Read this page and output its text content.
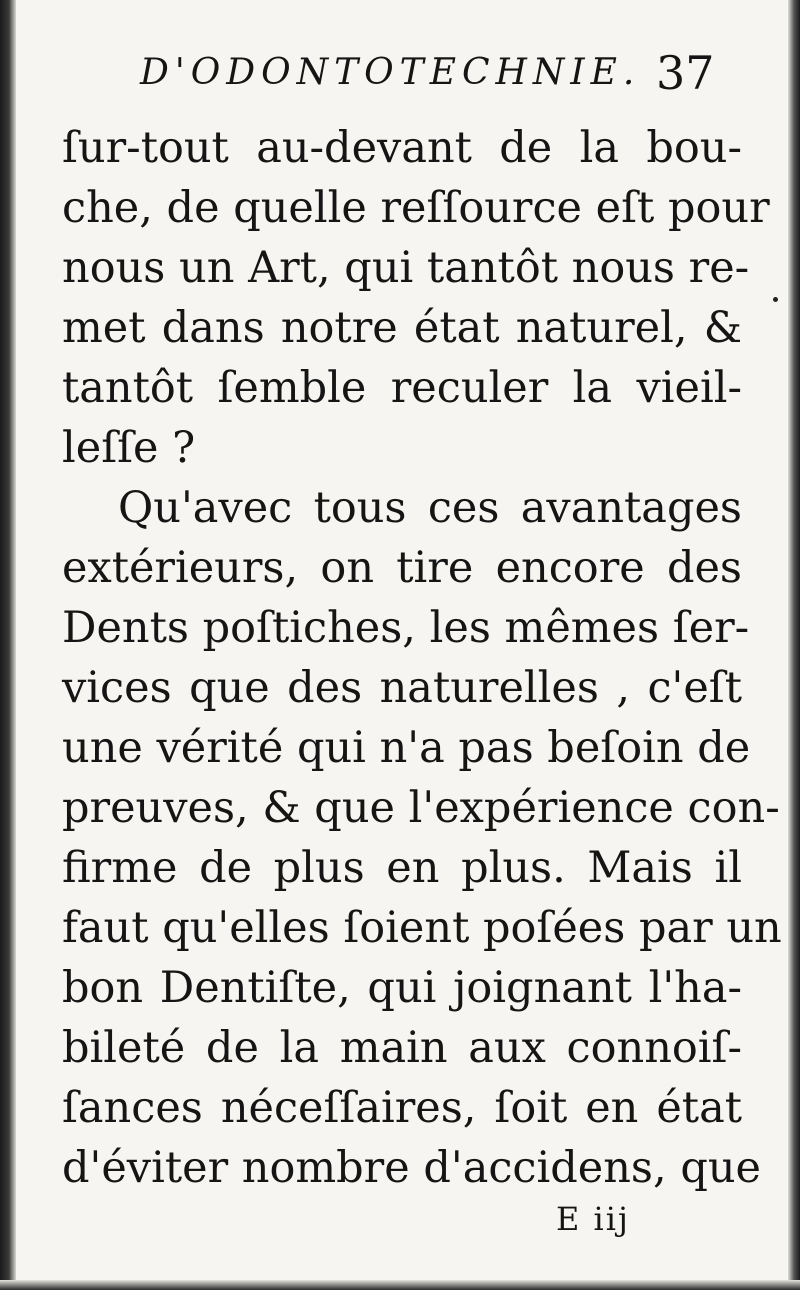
D'ODONTOTECHNIE. 37
ſur-tout au-devant de la bou-
che, de quelle reſſource eſt pour
nous un Art, qui tantôt nous re-
met dans notre état naturel, &
tantôt ſemble reculer la vieil-
leſſe ?
Qu'avec tous ces avantages
extérieurs, on tire encore des
Dents poſtiches, les mêmes ſer-
vices que des naturelles , c'eſt
une vérité qui n'a pas beſoin de
preuves, & que l'expérience con-
firme de plus en plus. Mais il
faut qu'elles ſoient poſées par un
bon Dentiſte, qui joignant l'ha-
bileté de la main aux connoiſ-
ſances néceſſaires, ſoit en état
d'éviter nombre d'accidens, que
E iij
